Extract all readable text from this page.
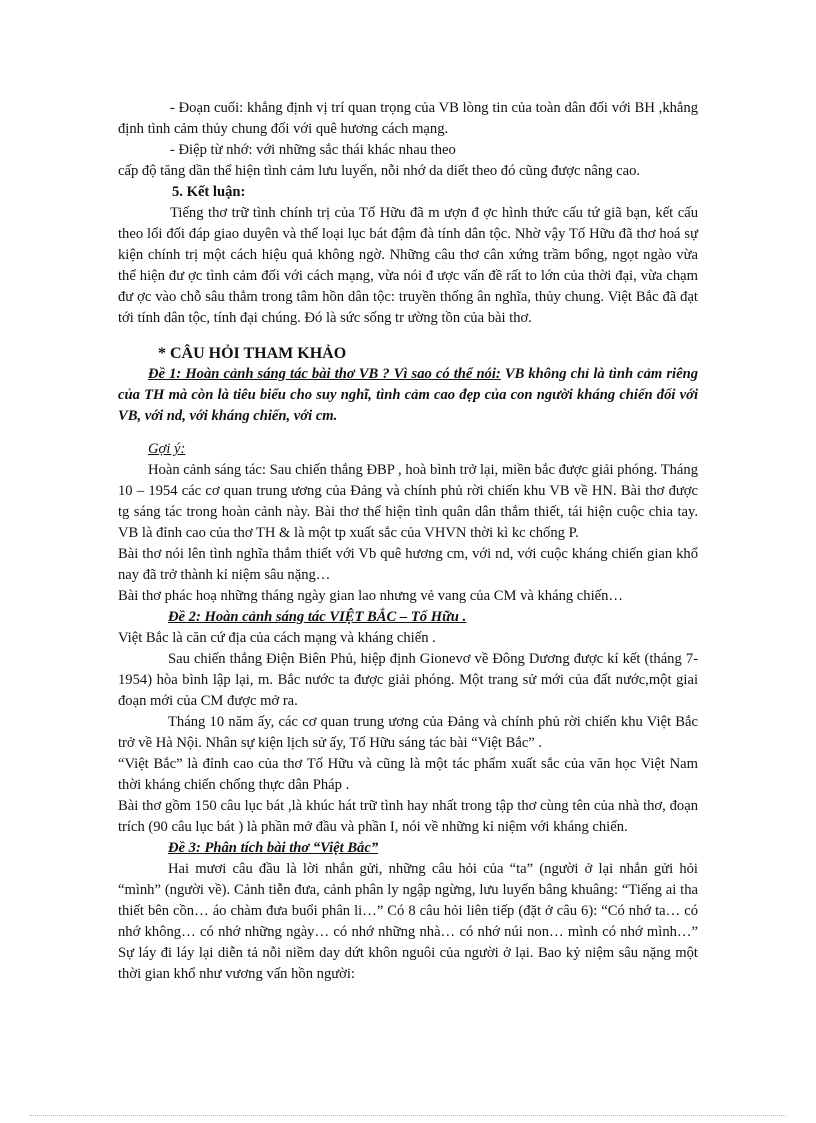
- Đoạn cuối: khẳng định vị trí quan trọng của VB lòng tin của toàn dân đối với BH ,khẳng định tình cảm thủy chung đối với quê hương cách mạng.

- Điệp từ nhớ: với những sắc thái khác nhau theo

cấp độ tăng dần thể hiện tình cảm lưu luyến, nỗi nhớ da diết theo đó cũng được nâng cao.

5. Kết luận:

Tiếng thơ trữ tình chính trị của Tố Hữu đã m ượn đ ợc hình thức cấu tứ giã bạn, kết cấu theo lối đối đáp giao duyên và thể loại lục bát đậm đà tính dân tộc. Nhờ vậy Tố Hữu đã thơ hoá sự kiện chính trị một cách hiệu quả không ngờ. Những câu thơ cân xứng trầm bổng, ngọt ngào vừa thể hiện đư ợc tình cảm đối với cách mạng, vừa nói đ ược vấn đề rất to lớn của thời đại, vừa chạm đư ợc vào chỗ sâu thẳm trong tâm hồn dân tộc: truyền thống ân nghĩa, thủy chung. Việt Bắc đã đạt tới tính dân tộc, tính đại chúng. Đó là sức sống tr ường tồn của bài thơ.

* CÂU HỎI THAM KHẢO

Đề 1: Hoàn cảnh sáng tác bài thơ VB ? Vì sao có thể nói: VB không chỉ là tình cảm riêng của TH mà còn là tiêu biểu cho suy nghĩ, tình cảm cao đẹp của con người kháng chiến đối với VB, với nd, với kháng chiến, với cm.

Gợi ý:

Hoàn cảnh sáng tác: Sau chiến thắng ĐBP , hoà bình trở lại, miền bắc được giải phóng. Tháng 10 – 1954 các cơ quan trung ương của Đảng và chính phủ rời chiến khu VB về HN. Bài thơ được tg sáng tác trong hoàn cảnh này. Bài thơ thể hiện tình quân dân thắm thiết, tái hiện cuộc chia tay. VB là đỉnh cao của thơ TH & là một tp xuất sắc của VHVN thời kì kc chống P.

Bài thơ nói lên tình nghĩa thắm thiết với Vb quê hương cm, với nd, với cuộc kháng chiến gian khổ nay đã trở thành kỉ niệm sâu nặng…

Bài thơ phác hoạ những tháng ngày gian lao nhưng vẻ vang của CM và kháng chiến…

Đề 2: Hoàn cảnh sáng tác VIỆT BẮC – Tố Hữu .

Việt Bắc là căn cứ địa của cách mạng và kháng chiến .

Sau chiến thắng Điện Biên Phủ, hiệp định Gionevơ về Đông Dương được kí kết (tháng 7- 1954) hòa bình lập lại, m. Bắc nước ta được giải phóng. Một trang sử mới của đất nước,một giai đoạn mới của CM được mở ra.

Tháng 10 năm ấy, các cơ quan trung ương của Đảng và chính phủ rời chiến khu Việt Bắc trở về Hà Nội. Nhân sự kiện lịch sử ấy, Tố Hữu sáng tác bài “Việt Bắc” .

“Việt Bắc” là đỉnh cao của thơ Tố Hữu và cũng là một tác phẩm xuất sắc của văn học Việt Nam thời kháng chiến chống thực dân Pháp .

Bài thơ gồm 150 câu lục bát ,là khúc hát trữ tình hay nhất trong tập thơ cùng tên của nhà thơ, đoạn trích (90 câu lục bát ) là phần mở đầu và phần I, nói về những kỉ niệm với kháng chiến.

Đề 3: Phân tích bài thơ “Việt Bắc”

Hai mươi câu đầu là lời nhắn gửi, những câu hỏi của “ta” (người ở lại nhắn gửi hỏi “mình” (người về). Cảnh tiễn đưa, cảnh phân ly ngập ngừng, lưu luyến bâng khuâng: “Tiếng ai tha thiết bên cồn… áo chàm đưa buổi phân li…” Có 8 câu hỏi liên tiếp (đặt ở câu 6): “Có nhớ ta… có nhớ không… có nhớ những ngày… có nhớ những nhà… có nhớ núi non… mình có nhớ mình…” Sự láy đi láy lại diễn tả nỗi niềm day dứt khôn nguôi của người ở lại. Bao kỷ niệm sâu nặng một thời gian khổ như vương vấn hồn người:
